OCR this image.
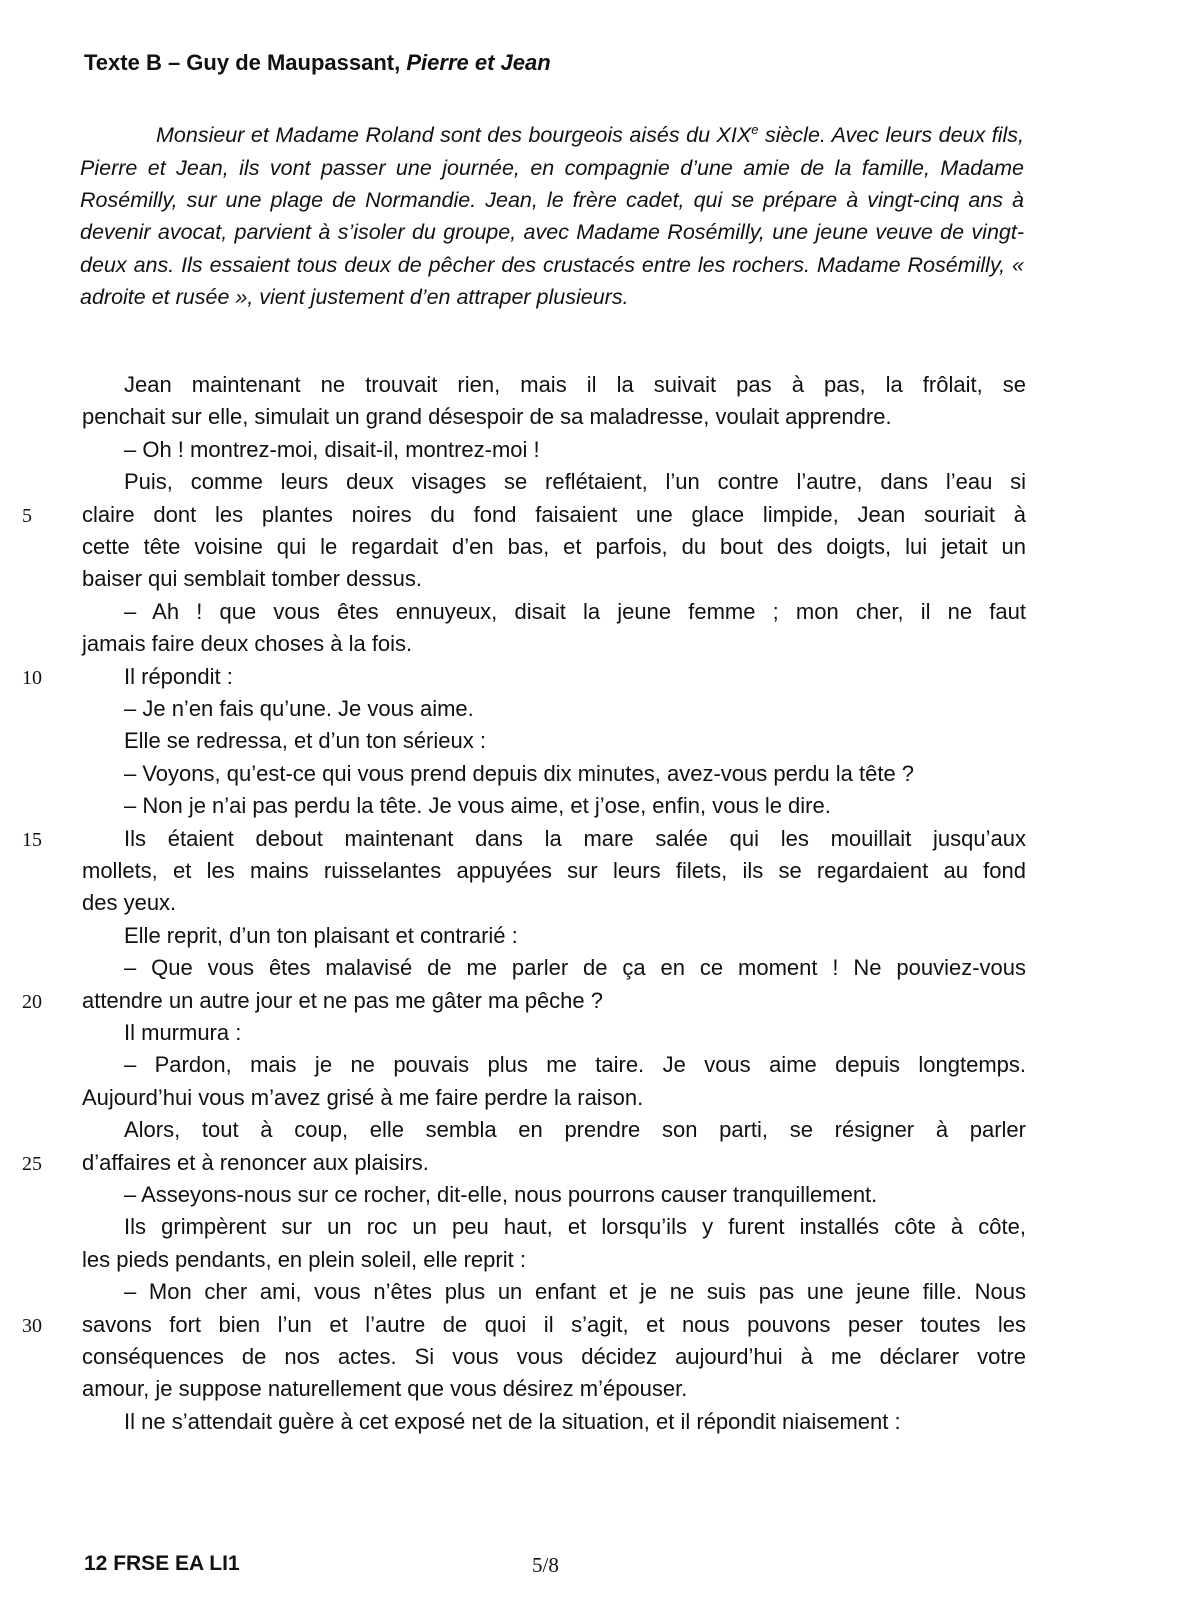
Texte B – Guy de Maupassant, Pierre et Jean
Monsieur et Madame Roland sont des bourgeois aisés du XIXe siècle. Avec leurs deux fils, Pierre et Jean, ils vont passer une journée, en compagnie d’une amie de la famille, Madame Rosémilly, sur une plage de Normandie. Jean, le frère cadet, qui se prépare à vingt-cinq ans à devenir avocat, parvient à s’isoler du groupe, avec Madame Rosémilly, une jeune veuve de vingt-deux ans. Ils essaient tous deux de pêcher des crustacés entre les rochers. Madame Rosémilly, « adroite et rusée », vient justement d’en attraper plusieurs.
Jean maintenant ne trouvait rien, mais il la suivait pas à pas, la frôlait, se
penchait sur elle, simulait un grand désespoir de sa maladresse, voulait apprendre.
– Oh ! montrez-moi, disait-il, montrez-moi !
Puis, comme leurs deux visages se reflétaient, l’un contre l’autre, dans l’eau si
claire dont les plantes noires du fond faisaient une glace limpide, Jean souriait à
cette tête voisine qui le regardait d’en bas, et parfois, du bout des doigts, lui jetait un
baiser qui semblait tomber dessus.
– Ah ! que vous êtes ennuyeux, disait la jeune femme ; mon cher, il ne faut
jamais faire deux choses à la fois.
Il répondit :
– Je n’en fais qu’une. Je vous aime.
Elle se redressa, et d’un ton sérieux :
– Voyons, qu’est-ce qui vous prend depuis dix minutes, avez-vous perdu la tête ?
– Non je n’ai pas perdu la tête. Je vous aime, et j’ose, enfin, vous le dire.
Ils étaient debout maintenant dans la mare salée qui les mouillait jusqu’aux
mollets, et les mains ruisselantes appuyées sur leurs filets, ils se regardaient au fond
des yeux.
Elle reprit, d’un ton plaisant et contrarié :
– Que vous êtes malavisé de me parler de ça en ce moment ! Ne pouviez-vous
attendre un autre jour et ne pas me gâter ma pêche ?
Il murmura :
– Pardon, mais je ne pouvais plus me taire. Je vous aime depuis longtemps.
Aujourd’hui vous m’avez grisé à me faire perdre la raison.
Alors, tout à coup, elle sembla en prendre son parti, se résigner à parler
d’affaires et à renoncer aux plaisirs.
– Asseyons-nous sur ce rocher, dit-elle, nous pourrons causer tranquillement.
Ils grimpèrent sur un roc un peu haut, et lorsqu’ils y furent installés côte à côte,
les pieds pendants, en plein soleil, elle reprit :
– Mon cher ami, vous n’êtes plus un enfant et je ne suis pas une jeune fille. Nous
savons fort bien l’un et l’autre de quoi il s’agit, et nous pouvons peser toutes les
conséquences de nos actes. Si vous vous décidez aujourd’hui à me déclarer votre
amour, je suppose naturellement que vous désirez m’épouser.
Il ne s’attendait guère à cet exposé net de la situation, et il répondit niaisement :
5
10
15
20
25
30
12 FRSE EA LI1	5/8
